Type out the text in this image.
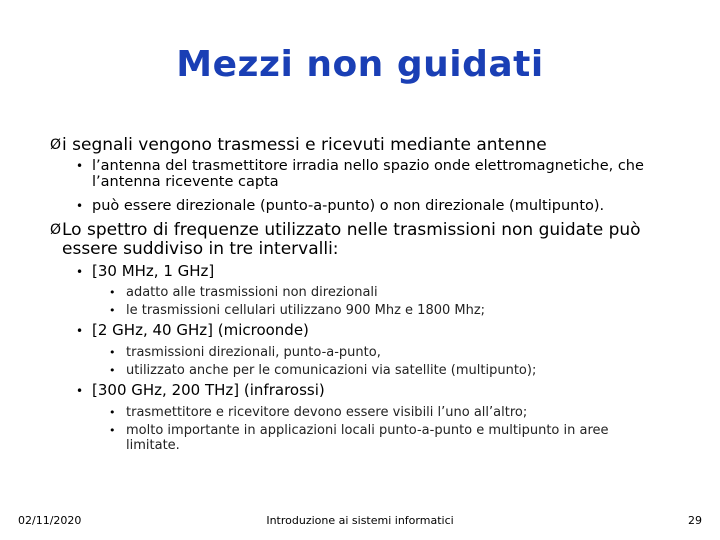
Mezzi non guidati
Ø i segnali vengono trasmessi e ricevuti mediante antenne
• l’antenna del trasmettitore irradia nello spazio onde elettromagnetiche, che l’antenna ricevente capta
• può essere direzionale (punto-a-punto) o non direzionale (multipunto).
Ø Lo spettro di frequenze utilizzato nelle trasmissioni non guidate può essere suddiviso in tre intervalli:
• [30 MHz, 1 GHz]
• adatto alle trasmissioni non direzionali
• le trasmissioni cellulari utilizzano 900 Mhz e 1800 Mhz;
• [2 GHz, 40 GHz] (microonde)
• trasmissioni direzionali, punto-a-punto,
• utilizzato anche per le comunicazioni via satellite (multipunto);
• [300 GHz, 200 THz] (infrarossi)
• trasmettitore e ricevitore devono essere visibili l’uno all’altro;
• molto importante in applicazioni locali punto-a-punto e multipunto in aree limitate.
02/11/2020	Introduzione ai sistemi informatici	29
